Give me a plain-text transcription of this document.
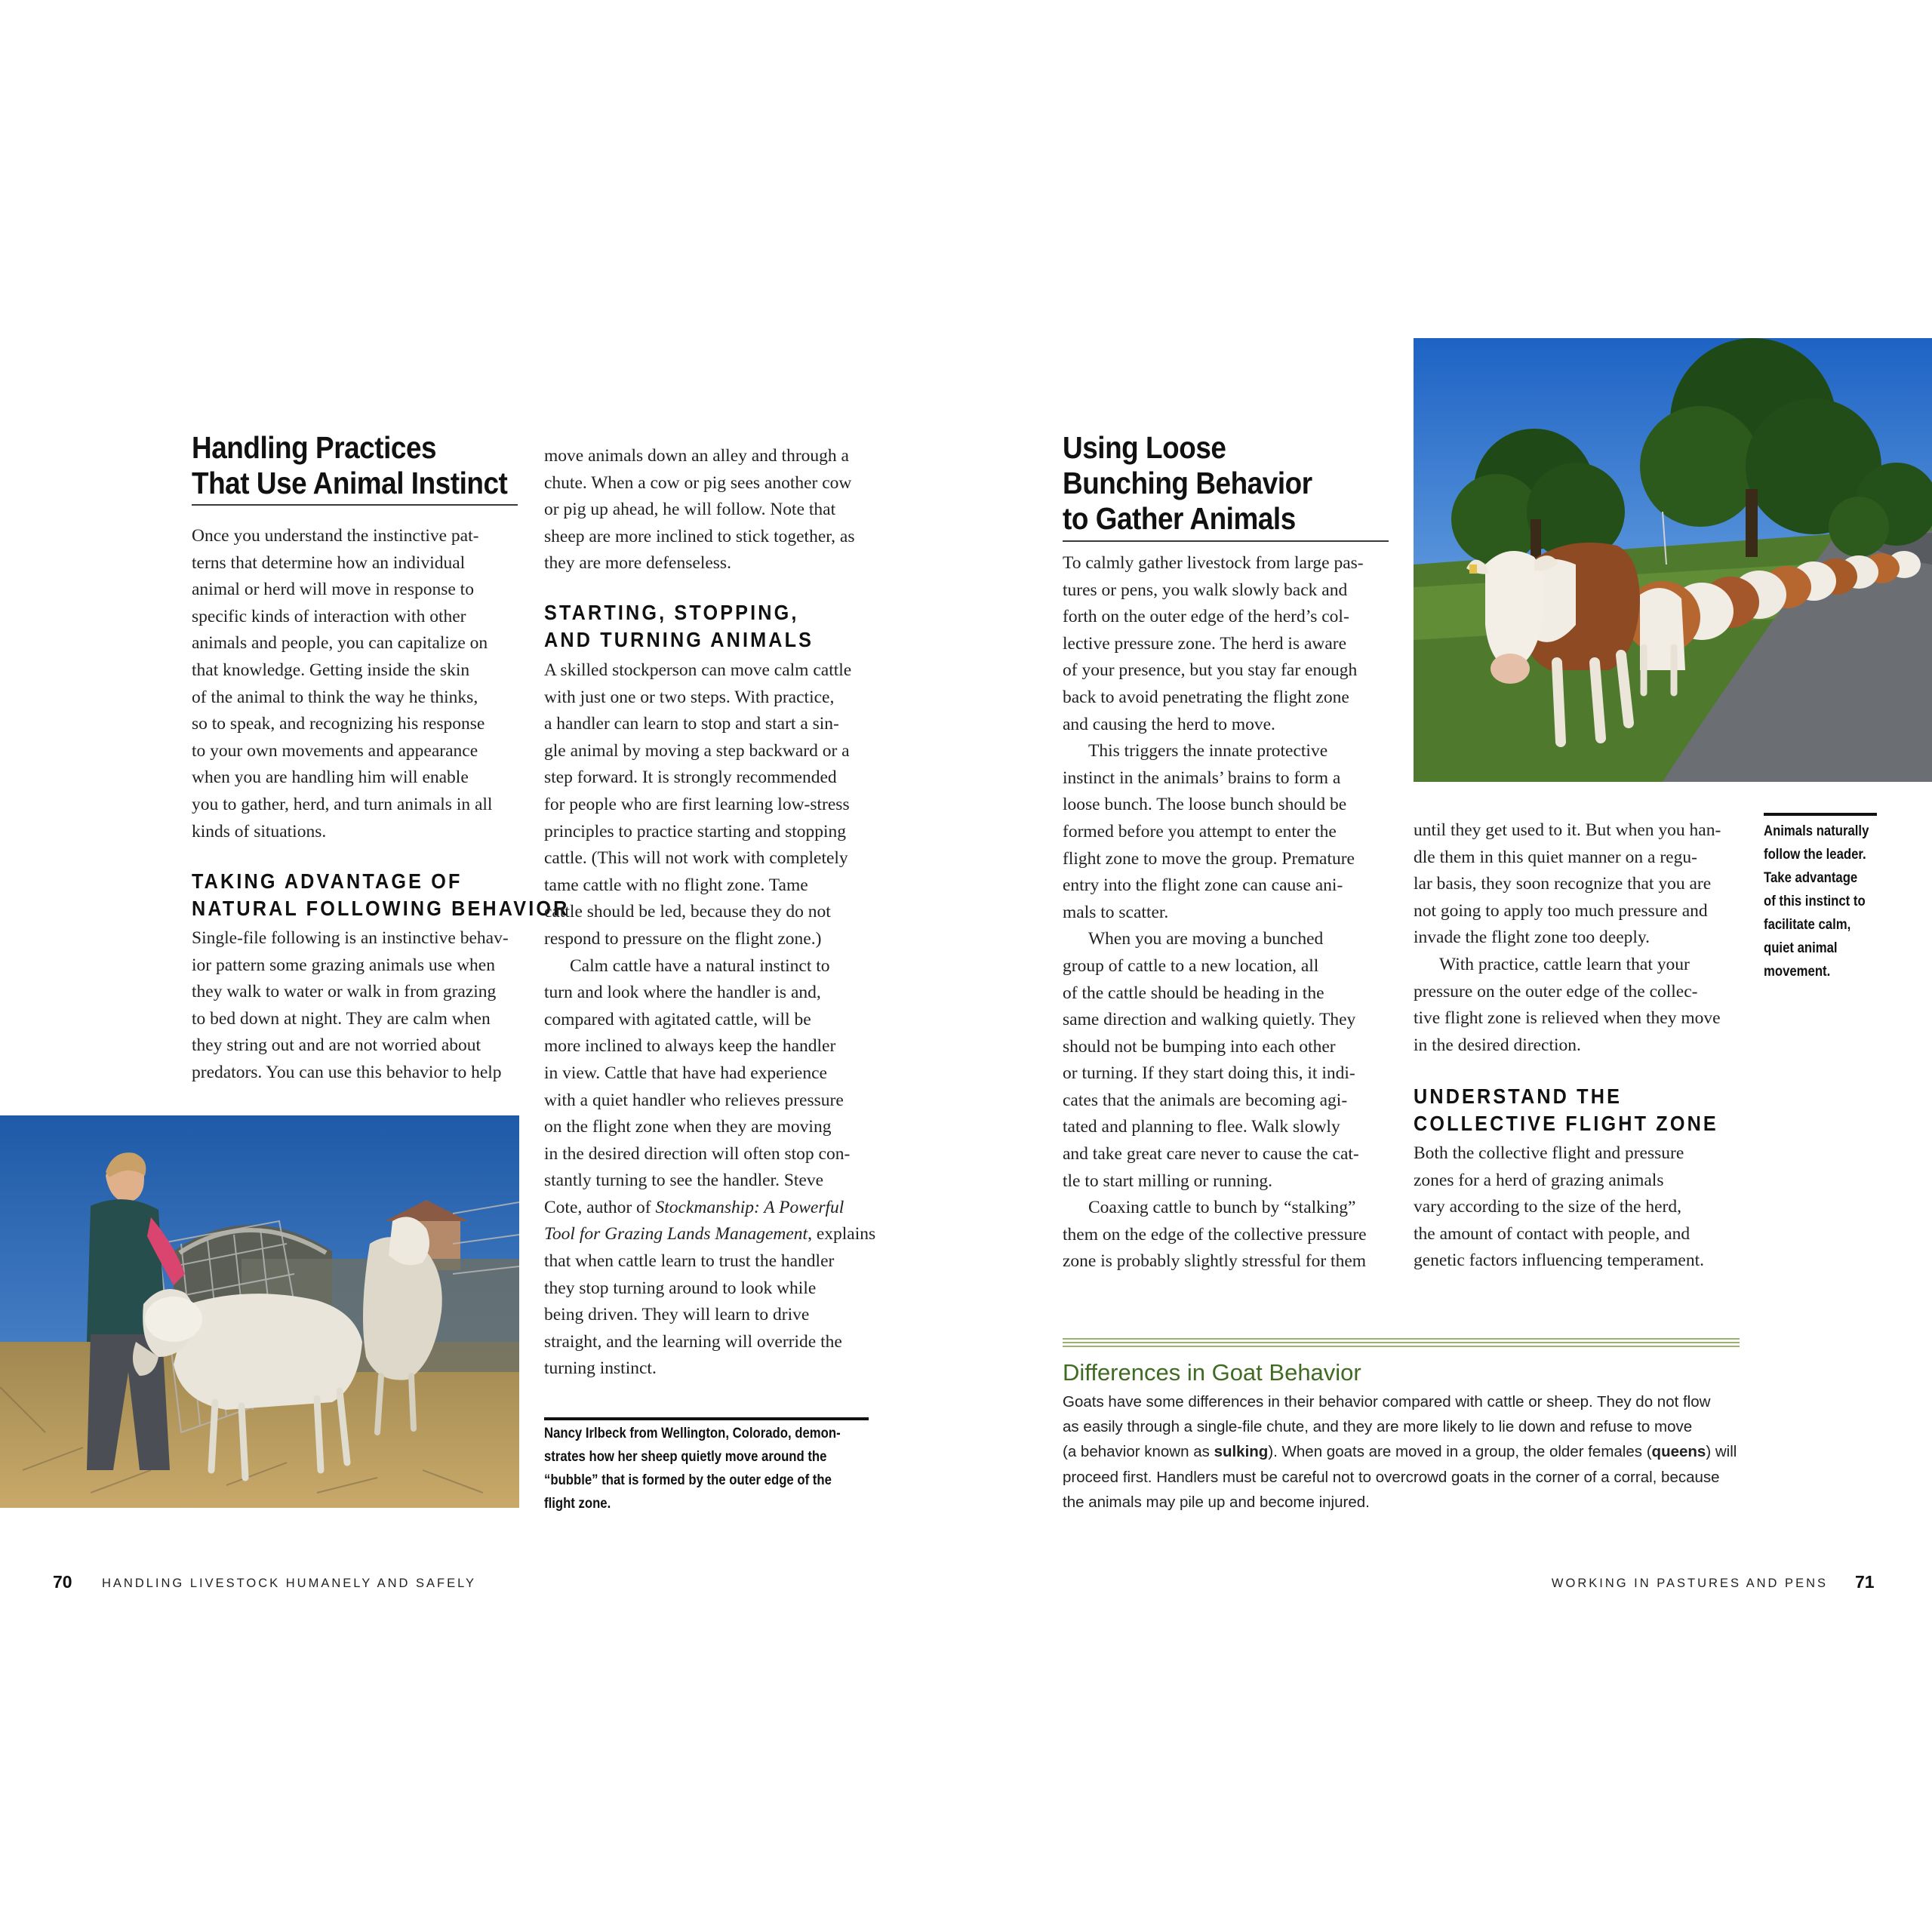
Handling Practices
That Use Animal Instinct
Once you understand the instinctive pat-
terns that determine how an individual
animal or herd will move in response to
specific kinds of interaction with other
animals and people, you can capitalize on
that knowledge. Getting inside the skin
of the animal to think the way he thinks,
so to speak, and recognizing his response
to your own movements and appearance
when you are handling him will enable
you to gather, herd, and turn animals in all
kinds of situations.
TAKING ADVANTAGE OF
NATURAL FOLLOWING BEHAVIOR
Single-file following is an instinctive behav-
ior pattern some grazing animals use when
they walk to water or walk in from grazing
to bed down at night. They are calm when
they string out and are not worried about
predators. You can use this behavior to help
move animals down an alley and through a
chute. When a cow or pig sees another cow
or pig up ahead, he will follow. Note that
sheep are more inclined to stick together, as
they are more defenseless.
STARTING, STOPPING,
AND TURNING ANIMALS
A skilled stockperson can move calm cattle
with just one or two steps. With practice,
a handler can learn to stop and start a sin-
gle animal by moving a step backward or a
step forward. It is strongly recommended
for people who are first learning low-stress
principles to practice starting and stopping
cattle. (This will not work with completely
tame cattle with no flight zone. Tame
cattle should be led, because they do not
respond to pressure on the flight zone.)
Calm cattle have a natural instinct to
turn and look where the handler is and,
compared with agitated cattle, will be
more inclined to always keep the handler
in view. Cattle that have had experience
with a quiet handler who relieves pressure
on the flight zone when they are moving
in the desired direction will often stop con-
stantly turning to see the handler. Steve
Cote, author of Stockmanship: A Powerful
Tool for Grazing Lands Management, explains
that when cattle learn to trust the handler
they stop turning around to look while
being driven. They will learn to drive
straight, and the learning will override the
turning instinct.
Nancy Irlbeck from Wellington, Colorado, demon-
strates how her sheep quietly move around the
“bubble” that is formed by the outer edge of the
flight zone.
70 HANDLING LIVESTOCK HUMANELY AND SAFELY
Using Loose
Bunching Behavior
to Gather Animals
To calmly gather livestock from large pas-
tures or pens, you walk slowly back and
forth on the outer edge of the herd’s col-
lective pressure zone. The herd is aware
of your presence, but you stay far enough
back to avoid penetrating the flight zone
and causing the herd to move.
This triggers the innate protective
instinct in the animals’ brains to form a
loose bunch. The loose bunch should be
formed before you attempt to enter the
flight zone to move the group. Premature
entry into the flight zone can cause ani-
mals to scatter.
When you are moving a bunched
group of cattle to a new location, all
of the cattle should be heading in the
same direction and walking quietly. They
should not be bumping into each other
or turning. If they start doing this, it indi-
cates that the animals are becoming agi-
tated and planning to flee. Walk slowly
and take great care never to cause the cat-
tle to start milling or running.
Coaxing cattle to bunch by “stalking”
them on the edge of the collective pressure
zone is probably slightly stressful for them
until they get used to it. But when you han-
dle them in this quiet manner on a regu-
lar basis, they soon recognize that you are
not going to apply too much pressure and
invade the flight zone too deeply.
With practice, cattle learn that your
pressure on the outer edge of the collec-
tive flight zone is relieved when they move
in the desired direction.
UNDERSTAND THE
COLLECTIVE FLIGHT ZONE
Both the collective flight and pressure
zones for a herd of grazing animals
vary according to the size of the herd,
the amount of contact with people, and
genetic factors influencing temperament.
Animals naturally
follow the leader.
Take advantage
of this instinct to
facilitate calm,
quiet animal
movement.
Differences in Goat Behavior
Goats have some differences in their behavior compared with cattle or sheep. They do not flow
as easily through a single-file chute, and they are more likely to lie down and refuse to move
(a behavior known as sulking). When goats are moved in a group, the older females (queens) will
proceed first. Handlers must be careful not to overcrowd goats in the corner of a corral, because
the animals may pile up and become injured.
WORKING IN PASTURES AND PENS 71
